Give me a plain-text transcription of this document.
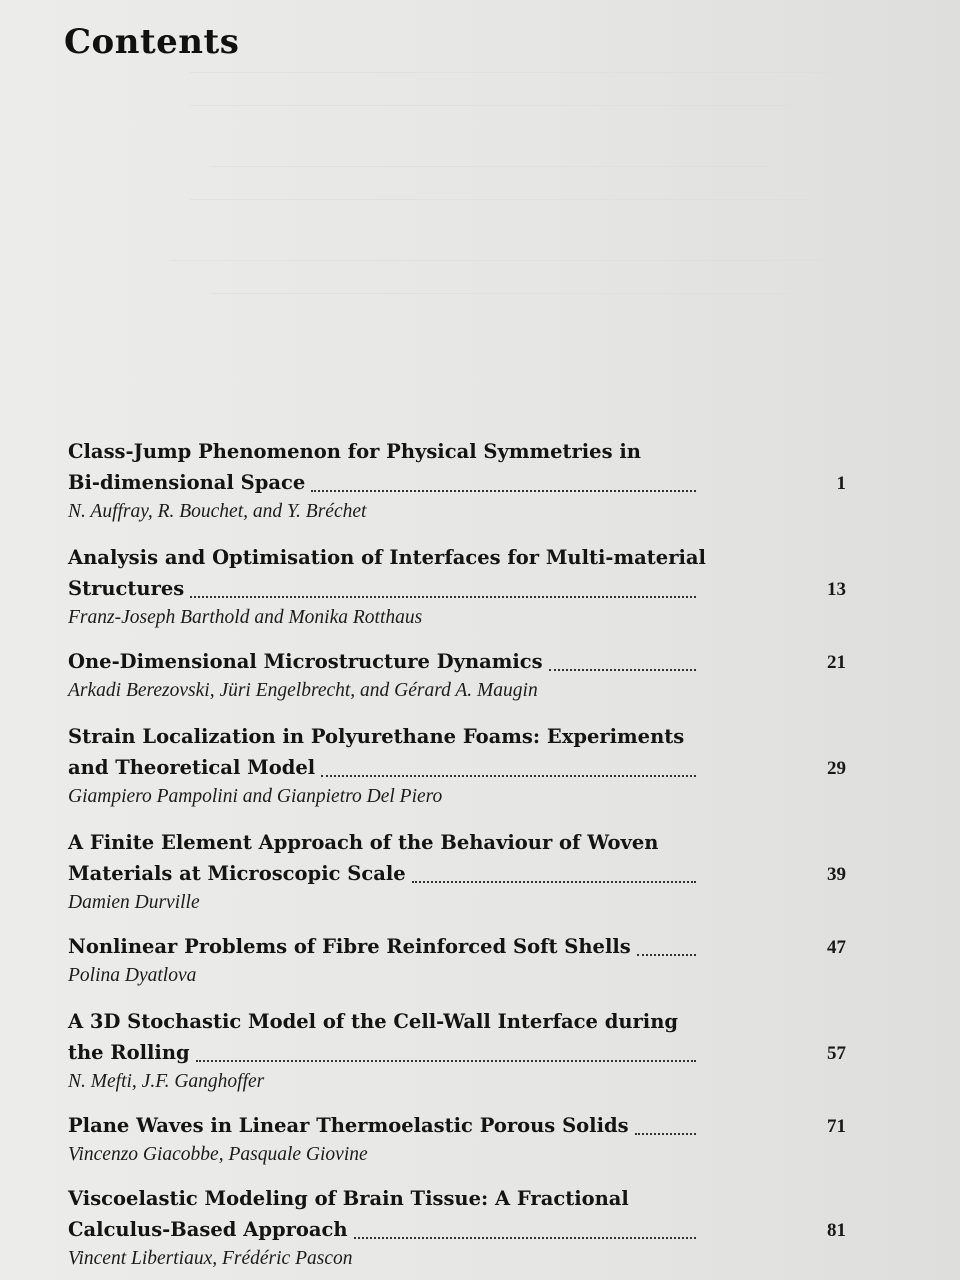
Contents
Class-Jump Phenomenon for Physical Symmetries in
Bi-dimensional Space	1
N. Auffray, R. Bouchet, and Y. Bréchet
Analysis and Optimisation of Interfaces for Multi-material
Structures	13
Franz-Joseph Barthold and Monika Rotthaus
One-Dimensional Microstructure Dynamics	21
Arkadi Berezovski, Jüri Engelbrecht, and Gérard A. Maugin
Strain Localization in Polyurethane Foams: Experiments
and Theoretical Model	29
Giampiero Pampolini and Gianpietro Del Piero
A Finite Element Approach of the Behaviour of Woven
Materials at Microscopic Scale	39
Damien Durville
Nonlinear Problems of Fibre Reinforced Soft Shells	47
Polina Dyatlova
A 3D Stochastic Model of the Cell-Wall Interface during
the Rolling	57
N. Mefti, J.F. Ganghoffer
Plane Waves in Linear Thermoelastic Porous Solids	71
Vincenzo Giacobbe, Pasquale Giovine
Viscoelastic Modeling of Brain Tissue: A Fractional
Calculus-Based Approach	81
Vincent Libertiaux, Frédéric Pascon
